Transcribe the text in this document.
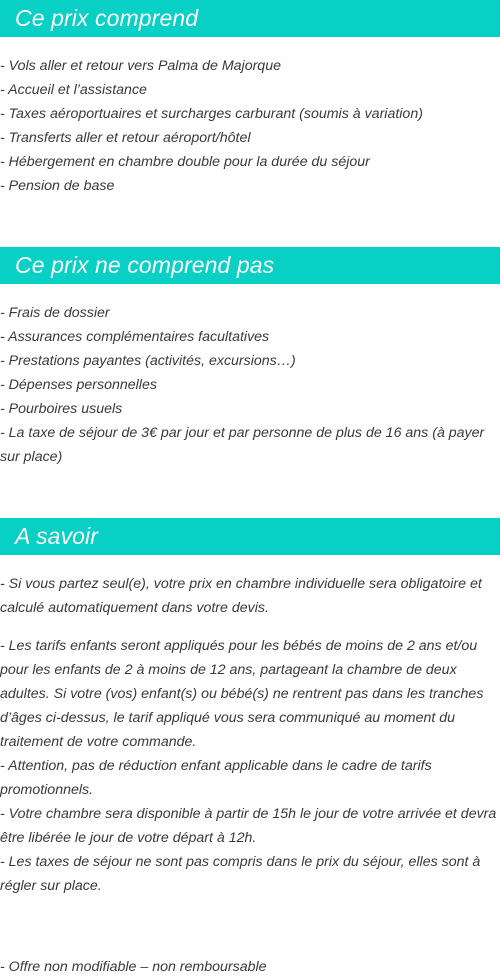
Ce prix comprend
- Vols aller et retour vers Palma de Majorque
- Accueil et l’assistance
- Taxes aéroportuaires et surcharges carburant (soumis à variation)
- Transferts aller et retour aéroport/hôtel
- Hébergement en chambre double pour la durée du séjour
- Pension de base
Ce prix ne comprend pas
- Frais de dossier
- Assurances complémentaires facultatives
- Prestations payantes (activités, excursions…)
- Dépenses personnelles
- Pourboires usuels
- La taxe de séjour de 3€ par jour et par personne de plus de 16 ans (à payer sur place)
A savoir

- Si vous partez seul(e), votre prix en chambre individuelle sera obligatoire et calculé automatiquement dans votre devis.

- Les tarifs enfants seront appliqués pour les bébés de moins de 2 ans et/ou pour les enfants de 2 à moins de 12 ans, partageant la chambre de deux adultes. Si votre (vos) enfant(s) ou bébé(s) ne rentrent pas dans les tranches d’âges ci-dessus, le tarif appliqué vous sera communiqué au moment du traitement de votre commande.

- Attention, pas de réduction enfant applicable dans le cadre de tarifs promotionnels.

- Votre chambre sera disponible à partir de 15h le jour de votre arrivée et devra être libérée le jour de votre départ à 12h.

- Les taxes de séjour ne sont pas compris dans le prix du séjour, elles sont à régler sur place.

- Offre non modifiable – non remboursable
